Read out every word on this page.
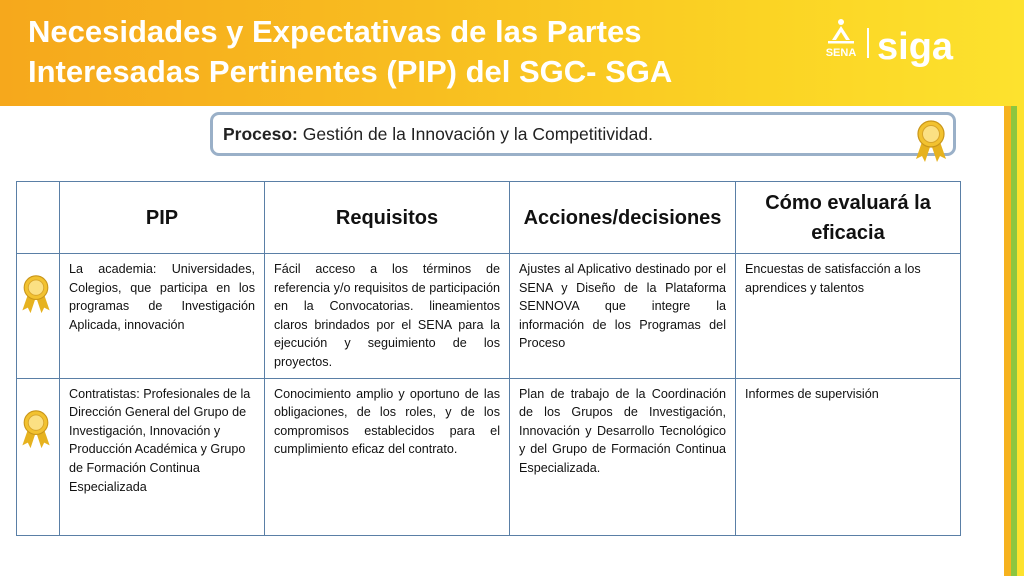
Necesidades y Expectativas de las Partes Interesadas Pertinentes (PIP) del SGC- SGA
SENA siga
Proceso: Gestión de la Innovación y la Competitividad.
	PIP	Requisitos	Acciones/decisiones	Cómo evaluará la eficacia

	La academia: Universidades, Colegios, que participa en los programas de Investigación Aplicada, innovación	Fácil acceso a los términos de referencia y/o requisitos de participación en la Convocatorias. lineamientos claros brindados por el SENA para la ejecución y seguimiento de los proyectos.	Ajustes al Aplicativo destinado por el SENA y Diseño de la Plataforma SENNOVA que integre la información de los Programas del Proceso	Encuestas de satisfacción a los aprendices y talentos

	Contratistas: Profesionales de la Dirección General del Grupo de Investigación, Innovación y Producción Académica y Grupo de Formación Continua Especializada	Conocimiento amplio y oportuno de las obligaciones, de los roles, y de los compromisos establecidos para el cumplimiento eficaz del contrato.	Plan de trabajo de la Coordinación de los Grupos de Investigación, Innovación y Desarrollo Tecnológico y del Grupo de Formación Continua Especializada.	Informes de supervisión
